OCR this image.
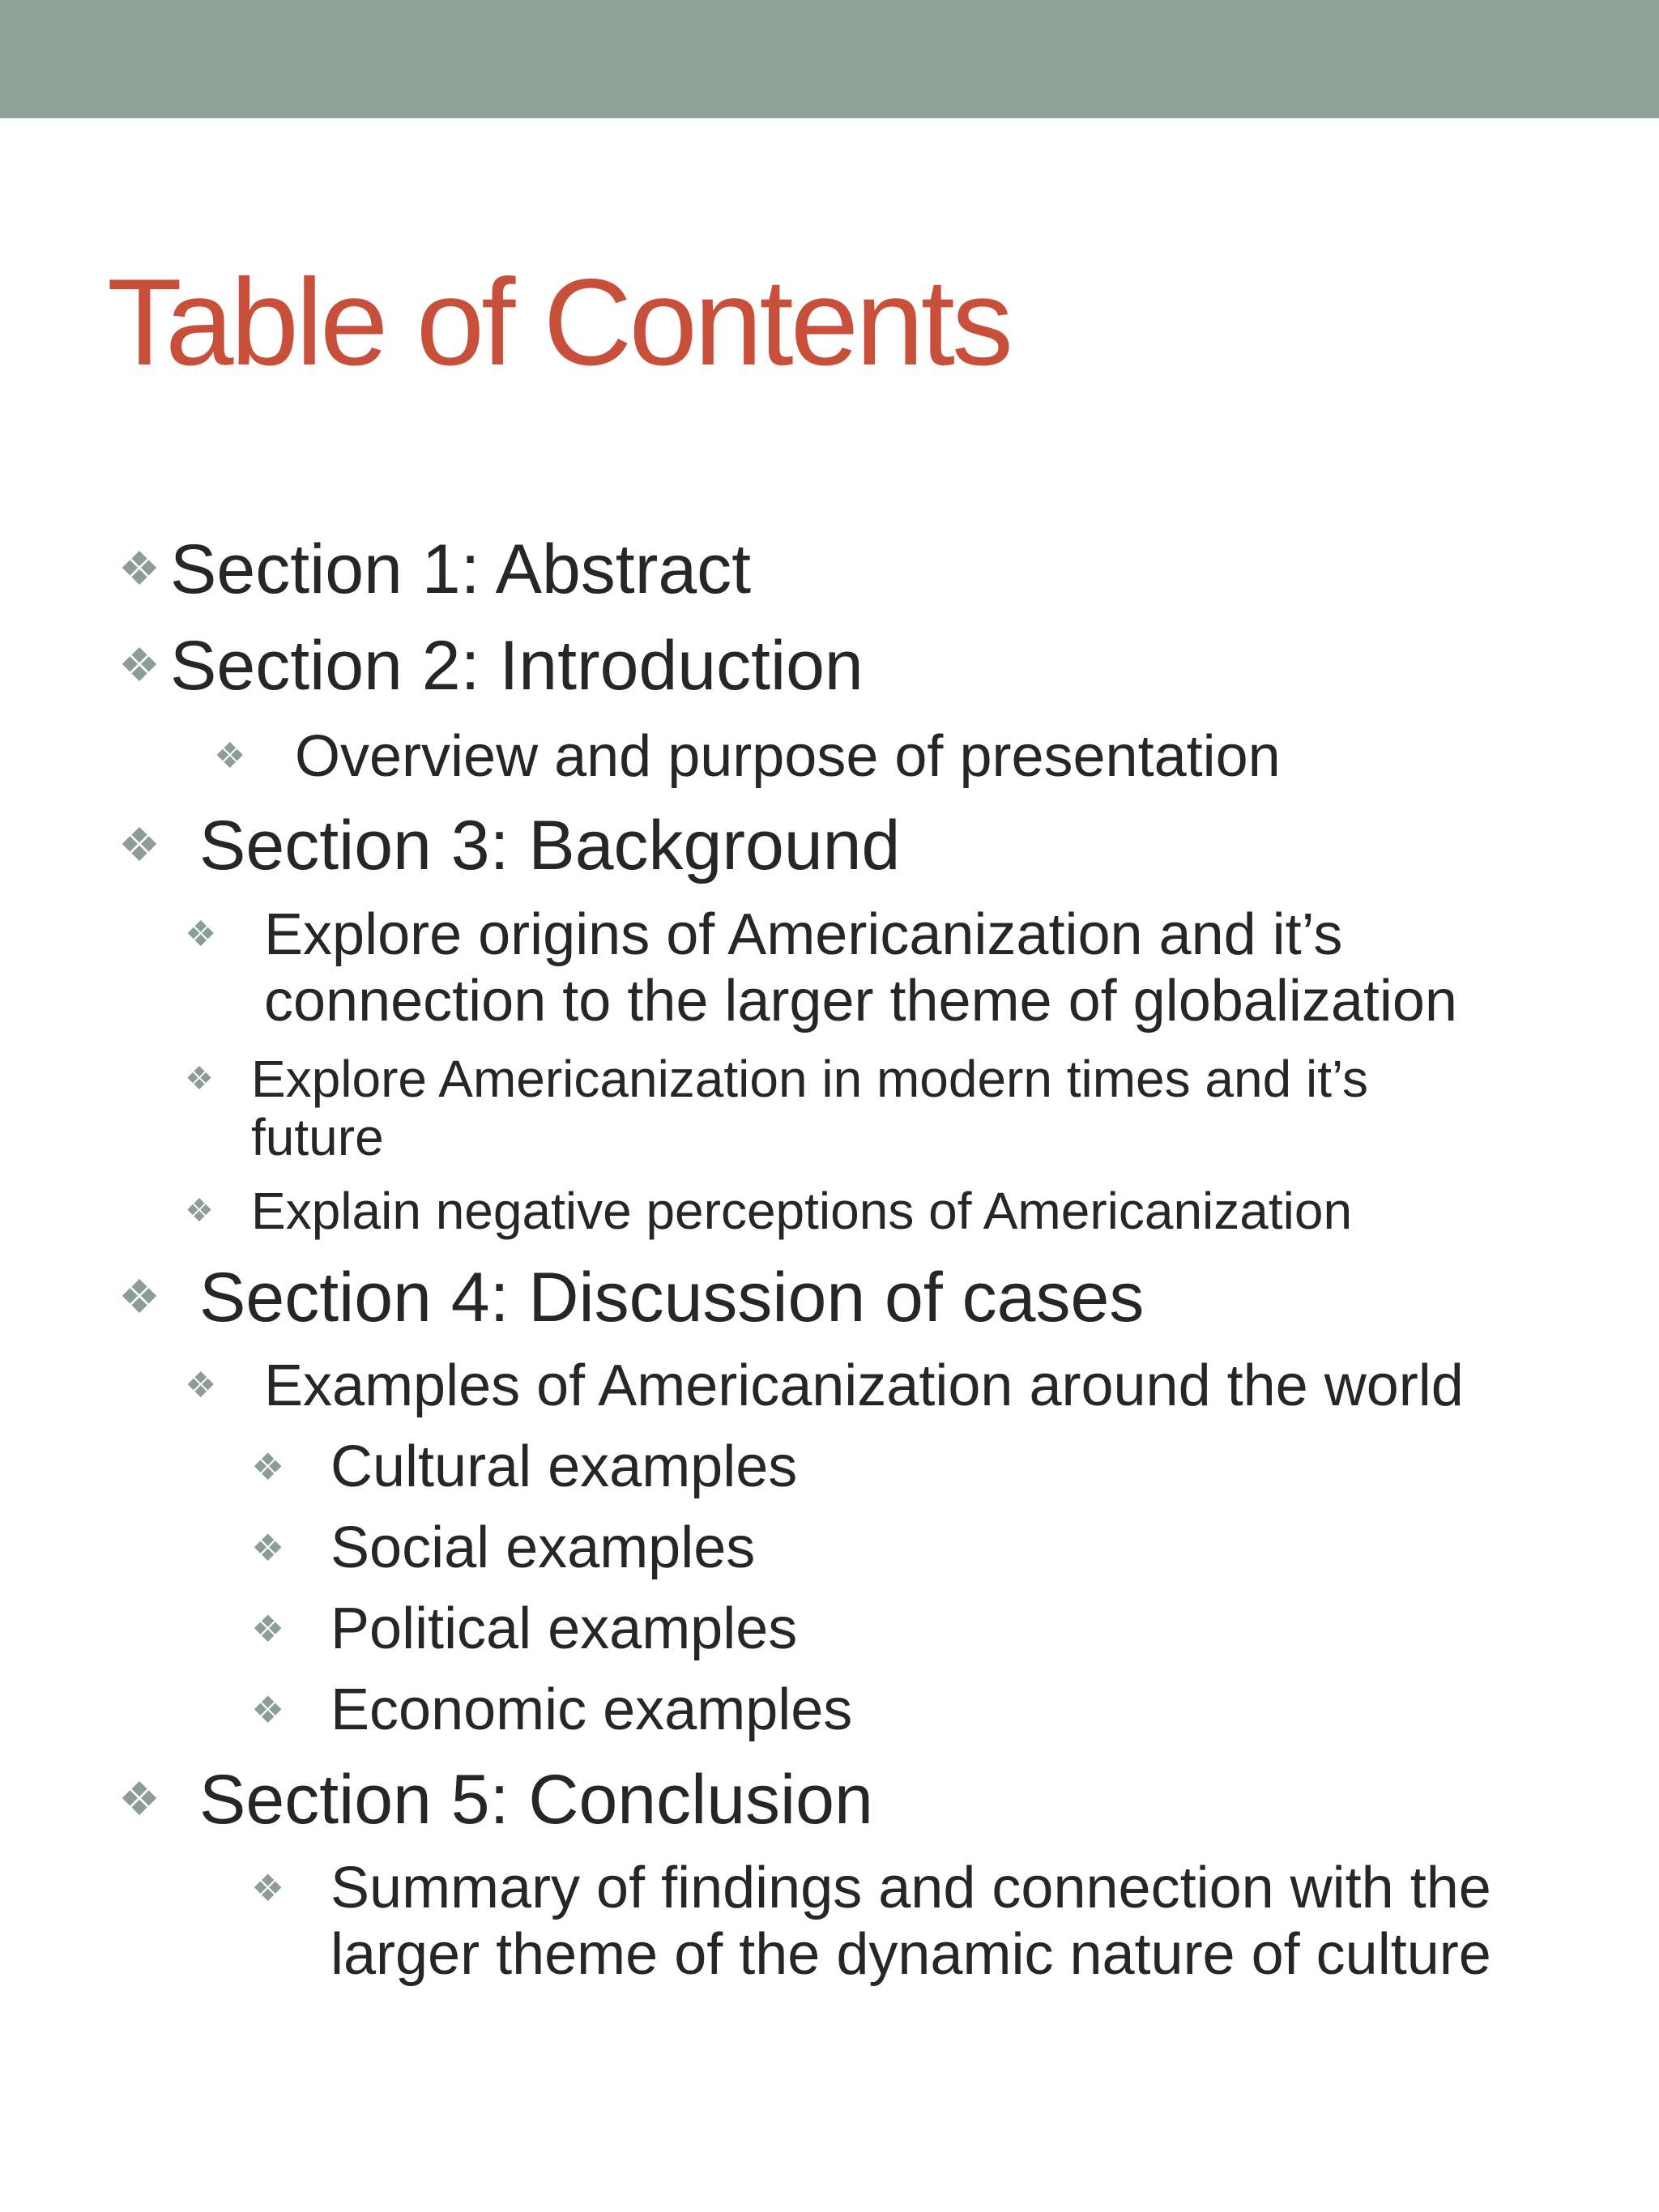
Table of Contents
❖ Section 1: Abstract
❖ Section 2: Introduction
❖ Overview and purpose of presentation
❖ Section 3: Background
❖ Explore origins of Americanization and it’s
connection to the larger theme of globalization
❖ Explore Americanization in modern times and it’s
future
❖ Explain negative perceptions of Americanization
❖ Section 4: Discussion of cases
❖ Examples of Americanization around the world
❖ Cultural examples
❖ Social examples
❖ Political examples
❖ Economic examples
❖ Section 5: Conclusion
❖ Summary of findings and connection with the
larger theme of the dynamic nature of culture
